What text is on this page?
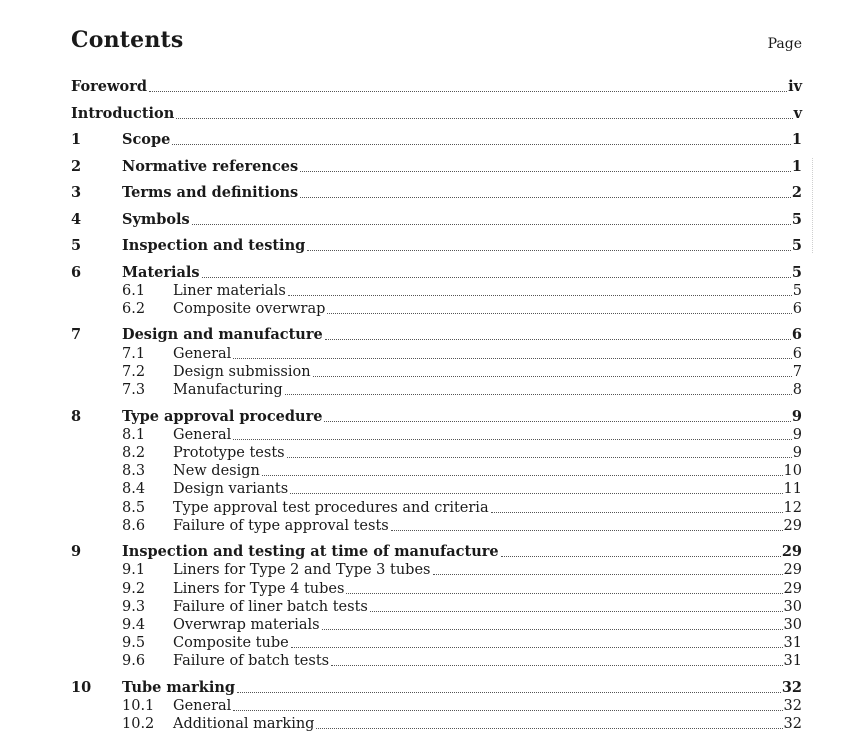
Contents	Page
Foreword	iv
Introduction	v
1	Scope	1
2	Normative references	1
3	Terms and definitions	2
4	Symbols	5
5	Inspection and testing	5
6	Materials	5
6.1	Liner materials	5
6.2	Composite overwrap	6
7	Design and manufacture	6
7.1	General	6
7.2	Design submission	7
7.3	Manufacturing	8
8	Type approval procedure	9
8.1	General	9
8.2	Prototype tests	9
8.3	New design	10
8.4	Design variants	11
8.5	Type approval test procedures and criteria	12
8.6	Failure of type approval tests	29
9	Inspection and testing at time of manufacture	29
9.1	Liners for Type 2 and Type 3 tubes	29
9.2	Liners for Type 4 tubes	29
9.3	Failure of liner batch tests	30
9.4	Overwrap materials	30
9.5	Composite tube	31
9.6	Failure of batch tests	31
10	Tube marking	32
10.1	General	32
10.2	Additional marking	32
